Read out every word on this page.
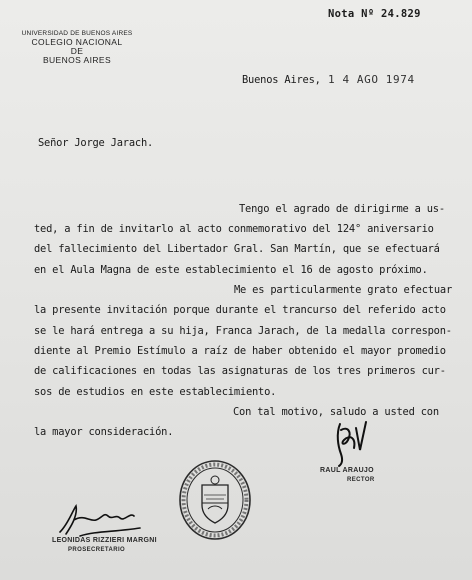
Nota Nº 24.829
UNIVERSIDAD DE BUENOS AIRES
COLEGIO NACIONAL
DE
BUENOS AIRES
Buenos Aires, 1 4 AGO 1974
Señor Jorge Jarach.
Tengo el agrado de dirigirme a us-
ted, a fin de invitarlo al acto conmemorativo del 124° aniversario
del fallecimiento del Libertador Gral. San Martín, que se efectuará
en el Aula Magna de este establecimiento el 16 de agosto próximo.
Me es particularmente grato efectuar
la presente invitación porque durante el trancurso del referido acto
se le hará entrega a su hija, Franca Jarach, de la medalla correspon-
diente al Premio Estímulo a raíz de haber obtenido el mayor promedio
de calificaciones en todas las asignaturas de los tres primeros cur-
sos de estudios en este establecimiento.
Con tal motivo, saludo a usted con
la mayor consideración.
RAUL ARAUJO
RECTOR
LEONIDAS RIZZIERI MARGNI
PROSECRETARIO
